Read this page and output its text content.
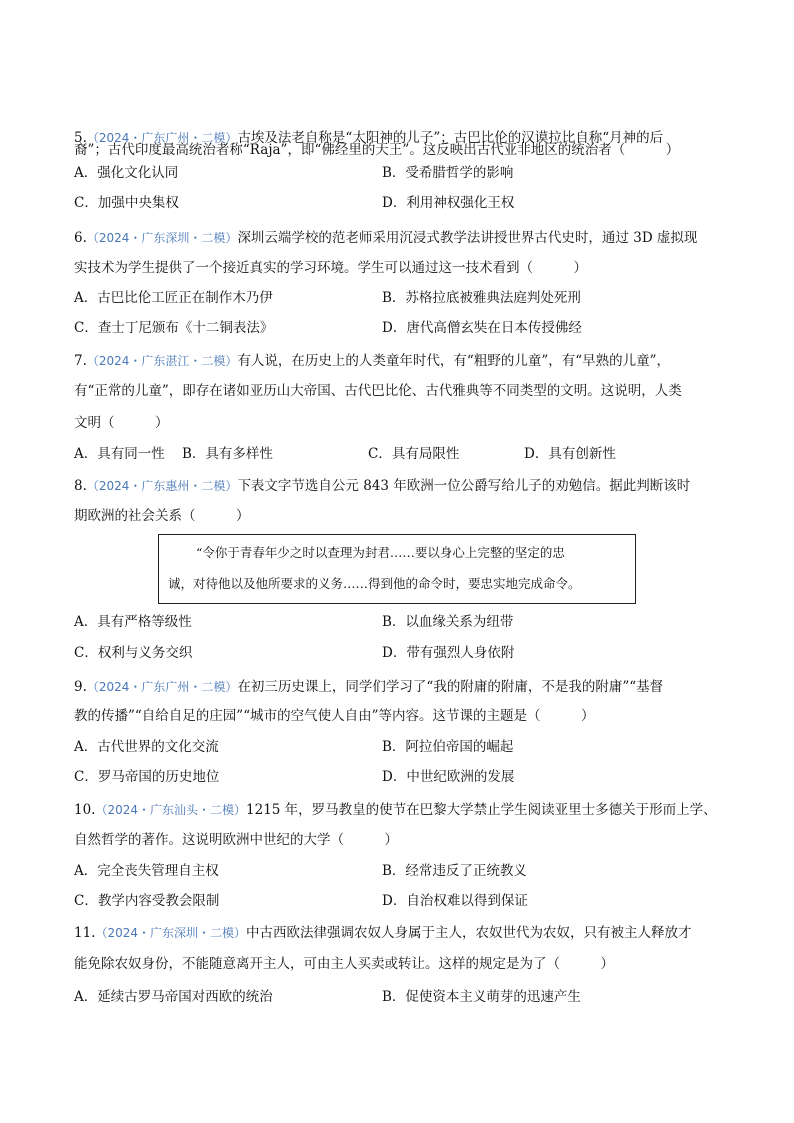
5.（2024・广东广州・二模）古埃及法老自称是“太阳神的儿子”；古巴比伦的汉谟拉比自称“月神的后
裔”；古代印度最高统治者称“Raja”，即“佛经里的天王”。这反映出古代亚非地区的统治者（　　　）
A．强化文化认同	B．受希腊哲学的影响
C．加强中央集权	D．利用神权强化王权
6.（2024・广东深圳・二模）深圳云端学校的范老师采用沉浸式教学法讲授世界古代史时，通过 3D 虚拟现
实技术为学生提供了一个接近真实的学习环境。学生可以通过这一技术看到（　　　）
A．古巴比伦工匠正在制作木乃伊	B．苏格拉底被雅典法庭判处死刑
C．查士丁尼颁布《十二铜表法》	D．唐代高僧玄奘在日本传授佛经
7.（2024・广东湛江・二模）有人说，在历史上的人类童年时代，有“粗野的儿童”，有“早熟的儿童”，
有“正常的儿童”，即存在诸如亚历山大帝国、古代巴比伦、古代雅典等不同类型的文明。这说明，人类
文明（　　　）
A．具有同一性 B．具有多样性	C．具有局限性	D．具有创新性
8.（2024・广东惠州・二模）下表文字节选自公元 843 年欧洲一位公爵写给儿子的劝勉信。据此判断该时
期欧洲的社会关系（　　　）
“令你于青春年少之时以查理为封君……要以身心上完整的坚定的忠
诚，对待他以及他所要求的义务……得到他的命令时，要忠实地完成命令。
A．具有严格等级性	B．以血缘关系为纽带
C．权利与义务交织	D．带有强烈人身依附
9.（2024・广东广州・二模）在初三历史课上，同学们学习了“我的附庸的附庸，不是我的附庸”“基督
教的传播”“自给自足的庄园”“城市的空气使人自由”等内容。这节课的主题是（　　　）
A．古代世界的文化交流	B．阿拉伯帝国的崛起
C．罗马帝国的历史地位	D．中世纪欧洲的发展
10.（2024・广东汕头・二模）1215 年，罗马教皇的使节在巴黎大学禁止学生阅读亚里士多德关于形而上学、
自然哲学的著作。这说明欧洲中世纪的大学（　　　）
A．完全丧失管理自主权	B．经常违反了正统教义
C．教学内容受教会限制	D．自治权难以得到保证
11.（2024・广东深圳・二模）中古西欧法律强调农奴人身属于主人，农奴世代为农奴，只有被主人释放才
能免除农奴身份，不能随意离开主人，可由主人买卖或转让。这样的规定是为了（　　　）
A．延续古罗马帝国对西欧的统治	B．促使资本主义萌芽的迅速产生
